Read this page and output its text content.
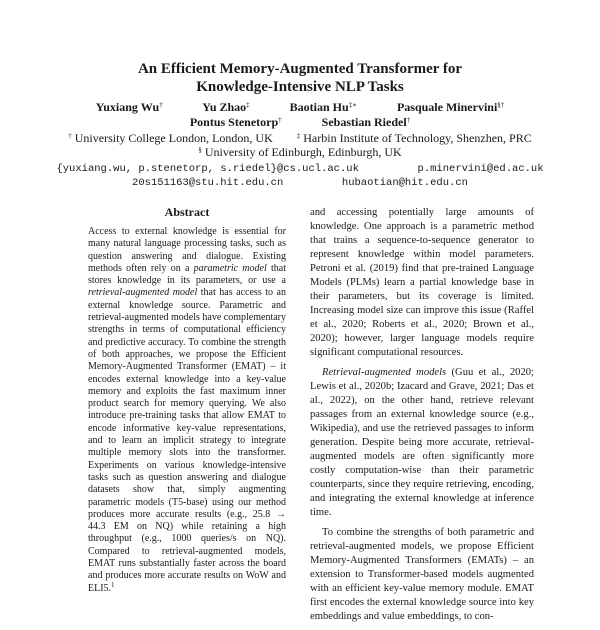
An Efficient Memory-Augmented Transformer for
Knowledge-Intensive NLP Tasks
Yuxiang Wu†	Yu Zhao‡	Baotian Hu‡∗	Pasquale Minervini§†
Pontus Stenetorp†	Sebastian Riedel†
† University College London, London, UK	‡ Harbin Institute of Technology, Shenzhen, PRC
§ University of Edinburgh, Edinburgh, UK
{yuxiang.wu, p.stenetorp, s.riedel}@cs.ucl.ac.uk	p.minervini@ed.ac.uk
20s151163@stu.hit.edu.cn	hubaotian@hit.edu.cn
Abstract

Access to external knowledge is essential for many natural language processing tasks, such as question answering and dialogue. Existing methods often rely on a parametric model that stores knowledge in its parameters, or use a retrieval-augmented model that has access to an external knowledge source. Parametric and retrieval-augmented models have complementary strengths in terms of computational efficiency and predictive accuracy. To combine the strength of both approaches, we propose the Efficient Memory-Augmented Transformer (EMAT) – it encodes external knowledge into a key-value memory and exploits the fast maximum inner product search for memory querying. We also introduce pre-training tasks that allow EMAT to encode informative key-value representations, and to learn an implicit strategy to integrate multiple memory slots into the transformer. Experiments on various knowledge-intensive tasks such as question answering and dialogue datasets show that, simply augmenting parametric models (T5-base) using our method produces more accurate results (e.g., 25.8 → 44.3 EM on NQ) while retaining a high throughput (e.g., 1000 queries/s on NQ). Compared to retrieval-augmented models, EMAT runs substantially faster across the board and produces more accurate results on WoW and ELI5.$^1$

and accessing potentially large amounts of knowledge. One approach is a parametric method that trains a sequence-to-sequence generator to represent knowledge within model parameters. Petroni et al. (2019) find that pre-trained Language Models (PLMs) learn a partial knowledge base in their parameters, but its coverage is limited. Increasing model size can improve this issue (Raffel et al., 2020; Roberts et al., 2020; Brown et al., 2020); however, larger language models require significant computational resources.

Retrieval-augmented models (Guu et al., 2020; Lewis et al., 2020b; Izacard and Grave, 2021; Das et al., 2022), on the other hand, retrieve relevant passages from an external knowledge source (e.g., Wikipedia), and use the retrieved passages to inform generation. Despite being more accurate, retrieval-augmented models are often significantly more costly computation-wise than their parametric counterparts, since they require retrieving, encoding, and integrating the external knowledge at inference time.

To combine the strengths of both parametric and retrieval-augmented models, we propose Efficient Memory-Augmented Transformers (EMATs) – an extension to Transformer-based models augmented with an efficient key-value memory module. EMAT first encodes the external knowledge source into key embeddings and value embeddings, to con-
